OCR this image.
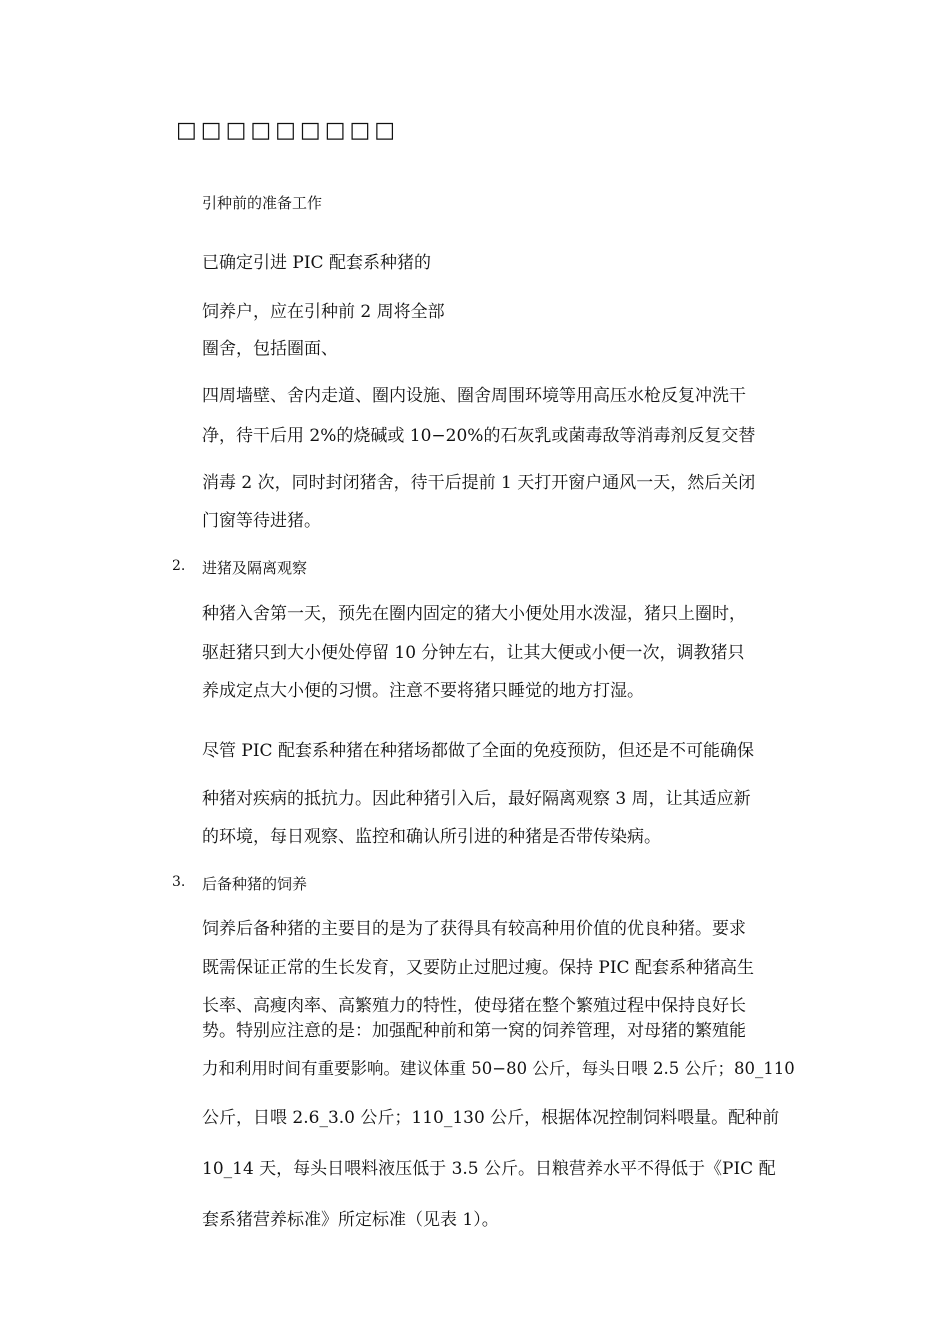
□□□□□□□□□
引种前的准备工作
已确定引进 PIC 配套系种猪的
饲养户，应在引种前 2 周将全部
圈舍，包括圈面、
四周墙壁、舍内走道、圈内设施、圈舍周围环境等用高压水枪反复冲洗干
净，待干后用 2%的烧碱或 10−20%的石灰乳或菌毒敌等消毒剂反复交替
消毒 2 次，同时封闭猪舍，待干后提前 1 天打开窗户通风一天，然后关闭
门窗等待进猪。
2. 进猪及隔离观察
种猪入舍第一天，预先在圈内固定的猪大小便处用水泼湿，猪只上圈时，
驱赶猪只到大小便处停留 10 分钟左右，让其大便或小便一次，调教猪只
养成定点大小便的习惯。注意不要将猪只睡觉的地方打湿。
尽管 PIC 配套系种猪在种猪场都做了全面的免疫预防，但还是不可能确保
种猪对疾病的抵抗力。因此种猪引入后，最好隔离观察 3 周，让其适应新
的环境，每日观察、监控和确认所引进的种猪是否带传染病。
3. 后备种猪的饲养
饲养后备种猪的主要目的是为了获得具有较高种用价值的优良种猪。要求
既需保证正常的生长发育，又要防止过肥过瘦。保持 PIC 配套系种猪高生
长率、高瘦肉率、高繁殖力的特性，使母猪在整个繁殖过程中保持良好长
势。特别应注意的是：加强配种前和第一窝的饲养管理，对母猪的繁殖能
力和利用时间有重要影响。建议体重 50−80 公斤，每头日喂 2.5 公斤；80_110
公斤，日喂 2.6_3.0 公斤；110_130 公斤，根据体况控制饲料喂量。配种前
10_14 天，每头日喂料液压低于 3.5 公斤。日粮营养水平不得低于《PIC 配
套系猪营养标准》所定标准（见表 1）。
